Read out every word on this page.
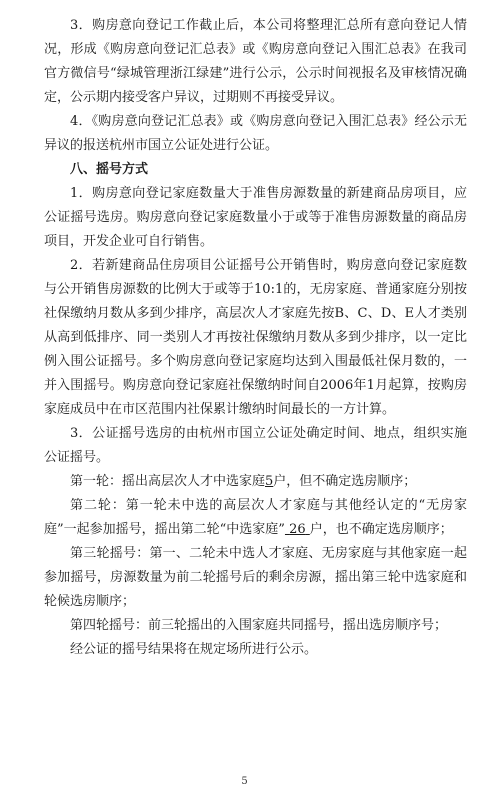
3．购房意向登记工作截止后，本公司将整理汇总所有意向登记人情况，形成《购房意向登记汇总表》或《购房意向登记入围汇总表》在我司官方微信号“绿城管理浙江绿建”进行公示，公示时间视报名及审核情况确定，公示期内接受客户异议，过期则不再接受异议。

4．《购房意向登记汇总表》或《购房意向登记入围汇总表》经公示无异议的报送杭州市国立公证处进行公证。

八、摇号方式

1．购房意向登记家庭数量大于准售房源数量的新建商品房项目，应公证摇号选房。购房意向登记家庭数量小于或等于准售房源数量的商品房项目，开发企业可自行销售。

2．若新建商品住房项目公证摇号公开销售时，购房意向登记家庭数与公开销售房源数的比例大于或等于10:1的，无房家庭、普通家庭分别按社保缴纳月数从多到少排序，高层次人才家庭先按B、C、D、E人才类别从高到低排序、同一类别人才再按社保缴纳月数从多到少排序，以一定比例入围公证摇号。多个购房意向登记家庭均达到入围最低社保月数的，一并入围摇号。购房意向登记家庭社保缴纳时间自2006年1月起算，按购房家庭成员中在市区范围内社保累计缴纳时间最长的一方计算。

3．公证摇号选房的由杭州市国立公证处确定时间、地点，组织实施公证摇号。

第一轮：摇出高层次人才中选家庭5户，但不确定选房顺序；

第二轮：第一轮未中选的高层次人才家庭与其他经认定的“无房家庭”一起参加摇号，摇出第二轮“中选家庭” 26 户，也不确定选房顺序；

第三轮摇号：第一、二轮未中选人才家庭、无房家庭与其他家庭一起参加摇号，房源数量为前二轮摇号后的剩余房源，摇出第三轮中选家庭和轮候选房顺序；

第四轮摇号：前三轮摇出的入围家庭共同摇号，摇出选房顺序号；

经公证的摇号结果将在规定场所进行公示。

5
